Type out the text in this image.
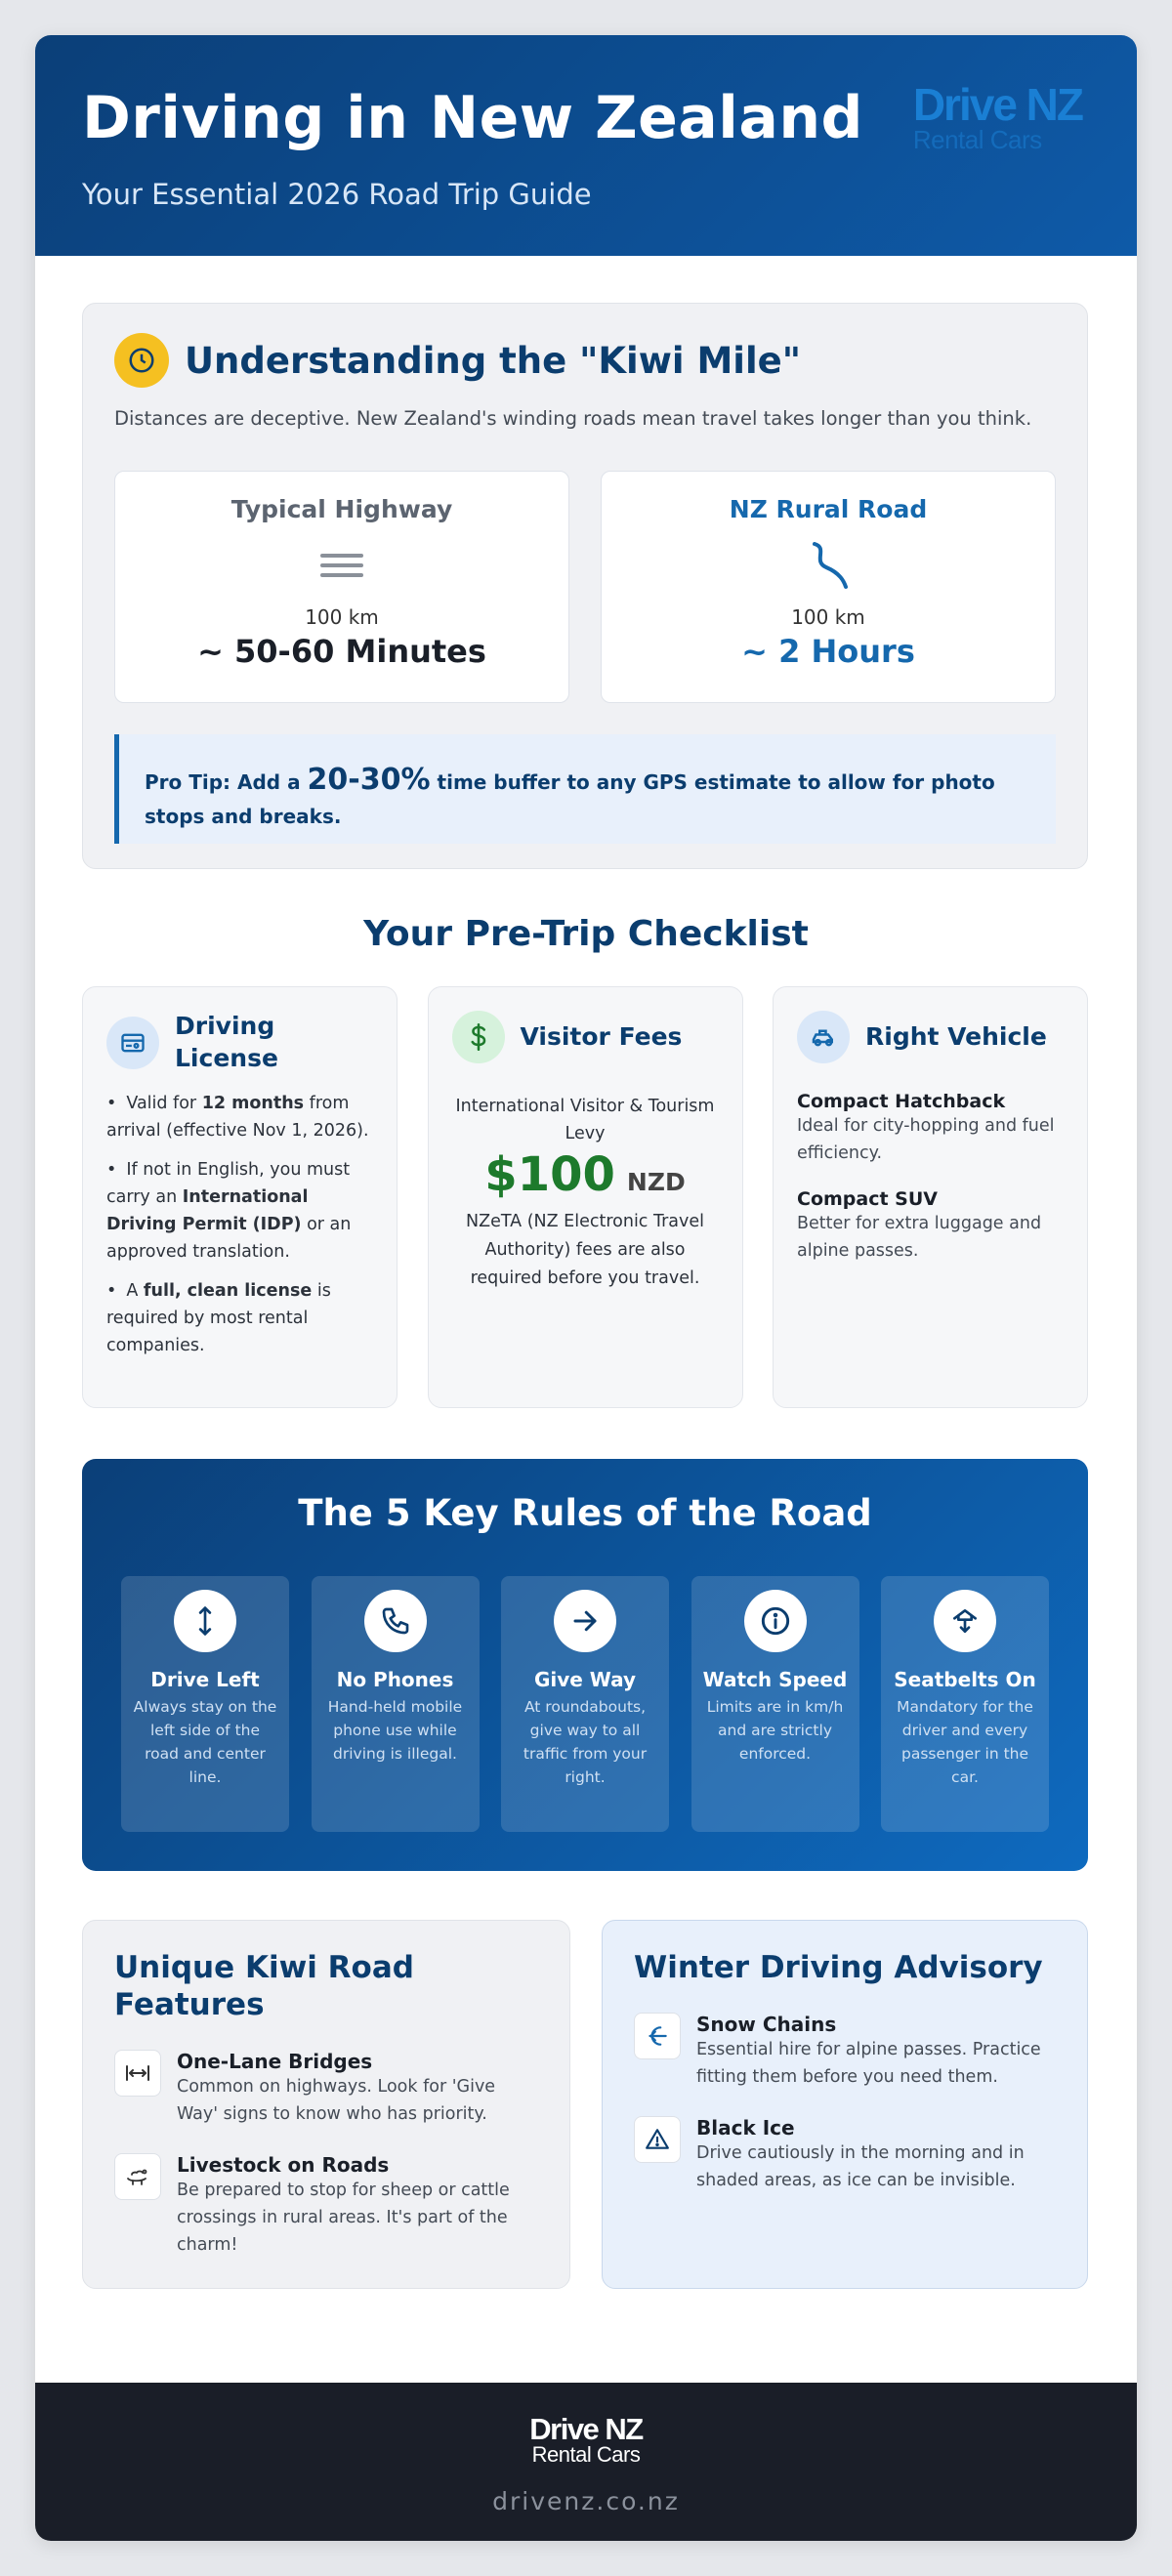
Driving in New Zealand
Your Essential 2026 Road Trip Guide
Drive NZ
Rental Cars
Understanding the "Kiwi Mile"
Distances are deceptive. New Zealand's winding roads mean travel takes longer than you think.
Typical Highway
100 km
~ 50-60 Minutes
NZ Rural Road
100 km
~ 2 Hours
Pro Tip: Add a 20-30% time buffer to any GPS estimate to allow for photo stops and breaks.
Your Pre-Trip Checklist
Driving License
• Valid for 12 months from arrival (effective Nov 1, 2026).
• If not in English, you must carry an International Driving Permit (IDP) or an approved translation.
• A full, clean license is required by most rental companies.
Visitor Fees
International Visitor & Tourism Levy
$100 NZD
NZeTA (NZ Electronic Travel Authority) fees are also required before you travel.
Right Vehicle
Compact Hatchback
Ideal for city-hopping and fuel efficiency.
Compact SUV
Better for extra luggage and alpine passes.
The 5 Key Rules of the Road
Drive Left
Always stay on the left side of the road and center line.
No Phones
Hand-held mobile phone use while driving is illegal.
Give Way
At roundabouts, give way to all traffic from your right.
Watch Speed
Limits are in km/h and are strictly enforced.
Seatbelts On
Mandatory for the driver and every passenger in the car.
Unique Kiwi Road Features
One-Lane Bridges
Common on highways. Look for 'Give Way' signs to know who has priority.
Livestock on Roads
Be prepared to stop for sheep or cattle crossings in rural areas. It's part of the charm!
Winter Driving Advisory
Snow Chains
Essential hire for alpine passes. Practice fitting them before you need them.
Black Ice
Drive cautiously in the morning and in shaded areas, as ice can be invisible.
Drive NZ
Rental Cars
drivenz.co.nz
